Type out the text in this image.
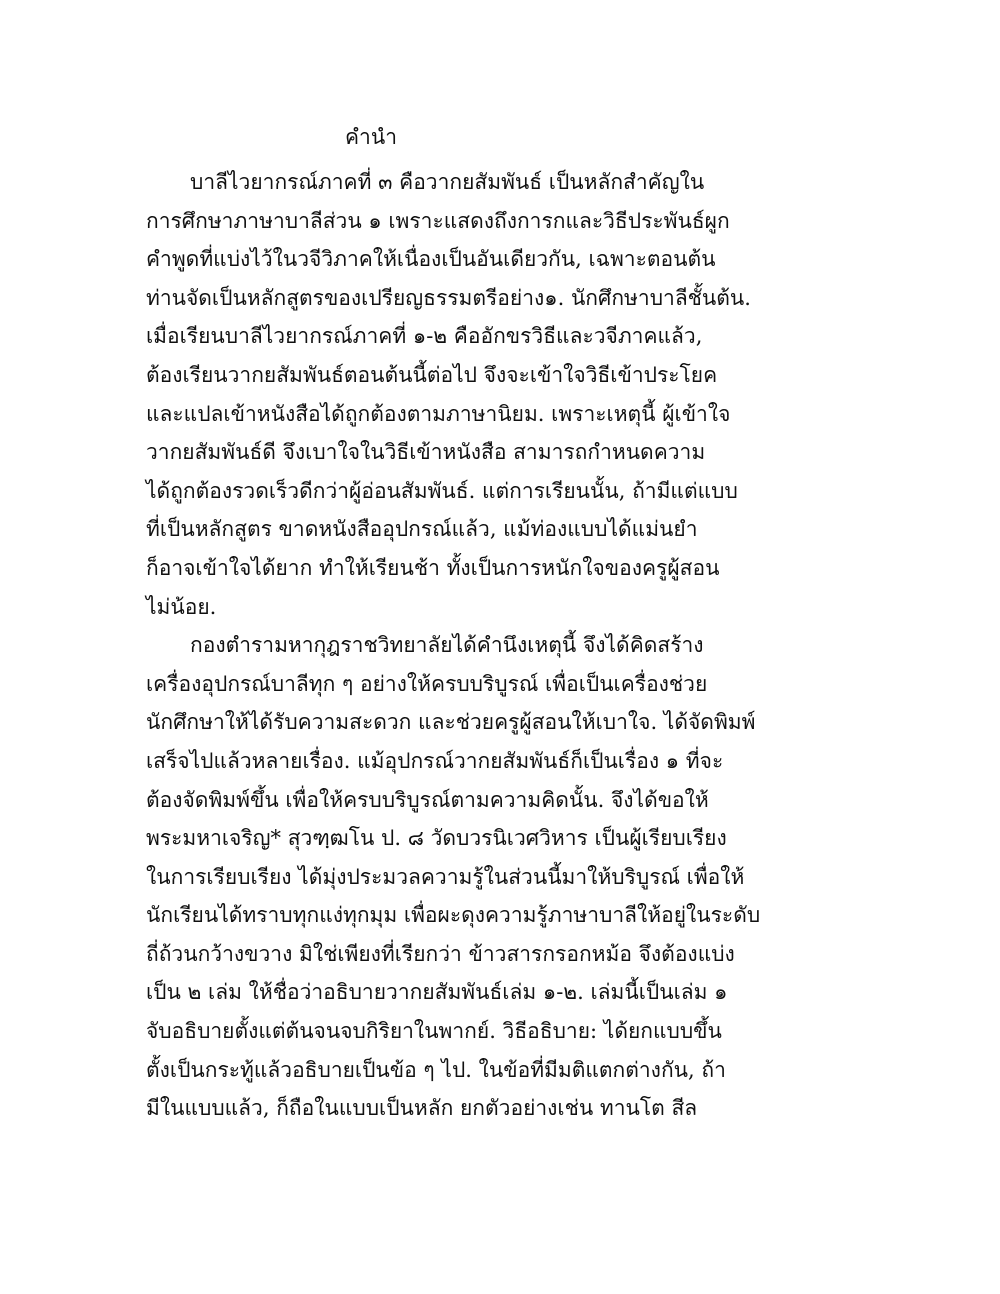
คำนำ
บาลีไวยากรณ์ภาคที่ ๓ คือวากยสัมพันธ์ เป็นหลักสำคัญใน
การศึกษาภาษาบาลีส่วน ๑ เพราะแสดงถึงการกและวิธีประพันธ์ผูก
คำพูดที่แบ่งไว้ในวจีวิภาคให้เนื่องเป็นอันเดียวกัน, เฉพาะตอนต้น
ท่านจัดเป็นหลักสูตรของเปรียญธรรมตรีอย่าง๑. นักศึกษาบาลีชั้นต้น.
เมื่อเรียนบาลีไวยากรณ์ภาคที่ ๑-๒ คืออักขรวิธีและวจีภาคแล้ว,
ต้องเรียนวากยสัมพันธ์ตอนต้นนี้ต่อไป จึงจะเข้าใจวิธีเข้าประโยค
และแปลเข้าหนังสือได้ถูกต้องตามภาษานิยม. เพราะเหตุนี้ ผู้เข้าใจ
วากยสัมพันธ์ดี จึงเบาใจในวิธีเข้าหนังสือ สามารถกำหนดความ
ได้ถูกต้องรวดเร็วดีกว่าผู้อ่อนสัมพันธ์. แต่การเรียนนั้น, ถ้ามีแต่แบบ
ที่เป็นหลักสูตร ขาดหนังสืออุปกรณ์แล้ว, แม้ท่องแบบได้แม่นยำ
ก็อาจเข้าใจได้ยาก ทำให้เรียนช้า ทั้งเป็นการหนักใจของครูผู้สอน
ไม่น้อย.
กองตำรามหากุฎราชวิทยาลัยได้คำนึงเหตุนี้ จึงได้คิดสร้าง
เครื่องอุปกรณ์บาลีทุก ๆ อย่างให้ครบบริบูรณ์ เพื่อเป็นเครื่องช่วย
นักศึกษาให้ได้รับความสะดวก และช่วยครูผู้สอนให้เบาใจ. ได้จัดพิมพ์
เสร็จไปแล้วหลายเรื่อง. แม้อุปกรณ์วากยสัมพันธ์ก็เป็นเรื่อง ๑ ที่จะ
ต้องจัดพิมพ์ขึ้น เพื่อให้ครบบริบูรณ์ตามความคิดนั้น. จึงได้ขอให้
พระมหาเจริญ* สุวฑฺฒโน ป. ๘ วัดบวรนิเวศวิหาร เป็นผู้เรียบเรียง
ในการเรียบเรียง ได้มุ่งประมวลความรู้ในส่วนนี้มาให้บริบูรณ์ เพื่อให้
นักเรียนได้ทราบทุกแง่ทุกมุม เพื่อผะดุงความรู้ภาษาบาลีให้อยู่ในระดับ
ถี่ถ้วนกว้างขวาง มิใช่เพียงที่เรียกว่า ข้าวสารกรอกหม้อ จึงต้องแบ่ง
เป็น ๒ เล่ม ให้ชื่อว่าอธิบายวากยสัมพันธ์เล่ม ๑-๒. เล่มนี้เป็นเล่ม ๑
จับอธิบายตั้งแต่ต้นจนจบกิริยาในพากย์. วิธีอธิบาย: ได้ยกแบบขึ้น
ตั้งเป็นกระทู้แล้วอธิบายเป็นข้อ ๆ ไป. ในข้อที่มีมติแตกต่างกัน, ถ้า
มีในแบบแล้ว, ก็ถือในแบบเป็นหลัก ยกตัวอย่างเช่น ทานโต สีล
